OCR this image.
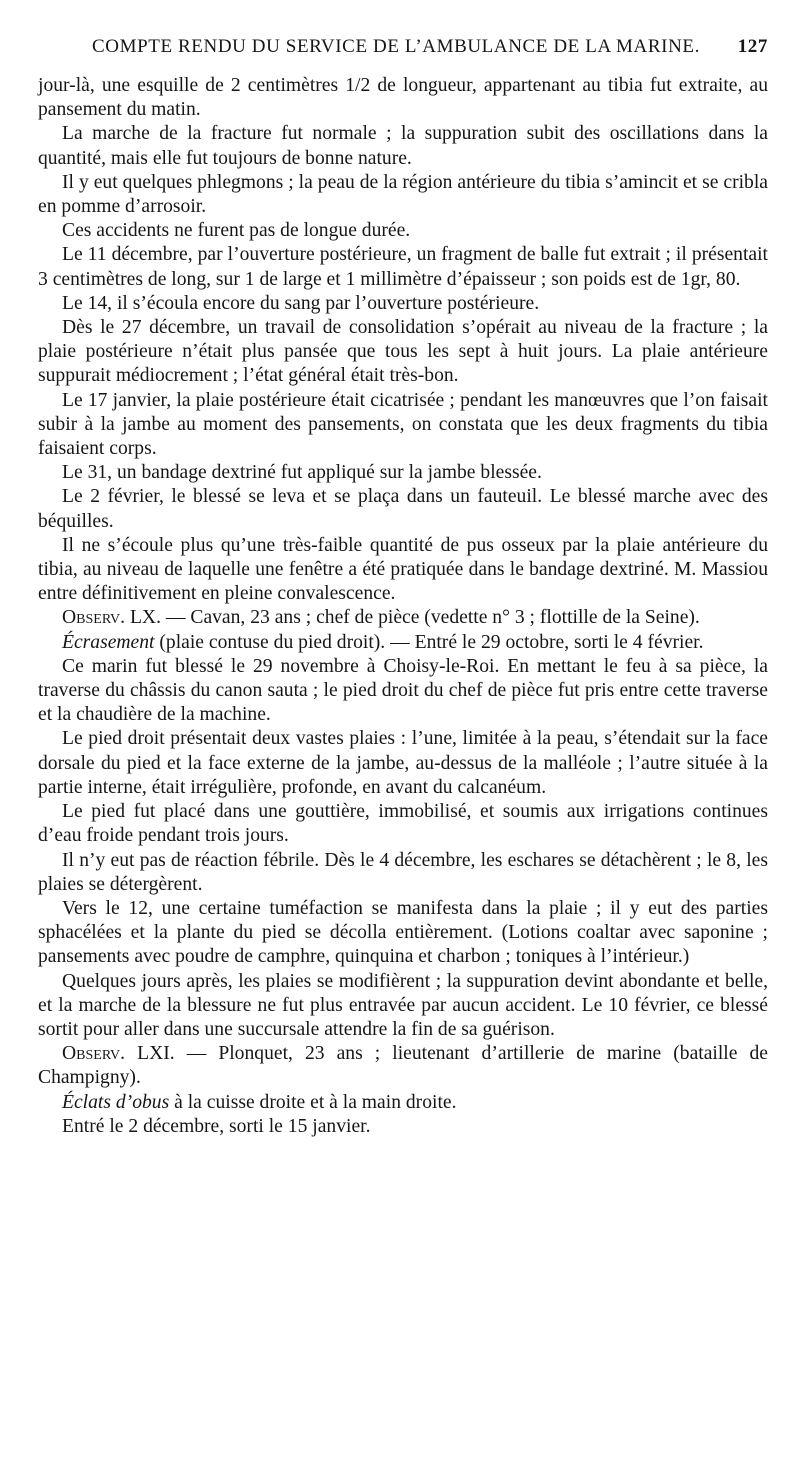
COMPTE RENDU DU SERVICE DE L’AMBULANCE DE LA MARINE. 127

jour-là, une esquille de 2 centimètres 1/2 de longueur, appartenant au tibia fut extraite, au pansement du matin.

La marche de la fracture fut normale ; la suppuration subit des oscillations dans la quantité, mais elle fut toujours de bonne nature.

Il y eut quelques phlegmons ; la peau de la région antérieure du tibia s’amincit et se cribla en pomme d’arrosoir.

Ces accidents ne furent pas de longue durée.

Le 11 décembre, par l’ouverture postérieure, un fragment de balle fut extrait ; il présentait 3 centimètres de long, sur 1 de large et 1 millimètre d’épaisseur ; son poids est de 1gr, 80.

Le 14, il s’écoula encore du sang par l’ouverture postérieure.

Dès le 27 décembre, un travail de consolidation s’opérait au niveau de la fracture ; la plaie postérieure n’était plus pansée que tous les sept à huit jours. La plaie antérieure suppurait médiocrement ; l’état général était très-bon.

Le 17 janvier, la plaie postérieure était cicatrisée ; pendant les manœuvres que l’on faisait subir à la jambe au moment des pansements, on constata que les deux fragments du tibia faisaient corps.

Le 31, un bandage dextriné fut appliqué sur la jambe blessée.

Le 2 février, le blessé se leva et se plaça dans un fauteuil. Le blessé marche avec des béquilles.

Il ne s’écoule plus qu’une très-faible quantité de pus osseux par la plaie antérieure du tibia, au niveau de laquelle une fenêtre a été pratiquée dans le bandage dextriné. M. Massiou entre définitivement en pleine convalescence.

Observ. LX. — Cavan, 23 ans ; chef de pièce (vedette n° 3 ; flottille de la Seine).

Écrasement (plaie contuse du pied droit). — Entré le 29 octobre, sorti le 4 février.

Ce marin fut blessé le 29 novembre à Choisy-le-Roi. En mettant le feu à sa pièce, la traverse du châssis du canon sauta ; le pied droit du chef de pièce fut pris entre cette traverse et la chaudière de la machine.

Le pied droit présentait deux vastes plaies : l’une, limitée à la peau, s’étendait sur la face dorsale du pied et la face externe de la jambe, au-dessus de la malléole ; l’autre située à la partie interne, était irrégulière, profonde, en avant du calcanéum.

Le pied fut placé dans une gouttière, immobilisé, et soumis aux irrigations continues d’eau froide pendant trois jours.

Il n’y eut pas de réaction fébrile. Dès le 4 décembre, les eschares se détachèrent ; le 8, les plaies se détergèrent.

Vers le 12, une certaine tuméfaction se manifesta dans la plaie ; il y eut des parties sphacélées et la plante du pied se décolla entièrement. (Lotions coaltar avec saponine ; pansements avec poudre de camphre, quinquina et charbon ; toniques à l’intérieur.)

Quelques jours après, les plaies se modifièrent ; la suppuration devint abondante et belle, et la marche de la blessure ne fut plus entravée par aucun accident. Le 10 février, ce blessé sortit pour aller dans une succursale attendre la fin de sa guérison.

Observ. LXI. — Plonquet, 23 ans ; lieutenant d’artillerie de marine (bataille de Champigny).

Éclats d’obus à la cuisse droite et à la main droite.

Entré le 2 décembre, sorti le 15 janvier.
